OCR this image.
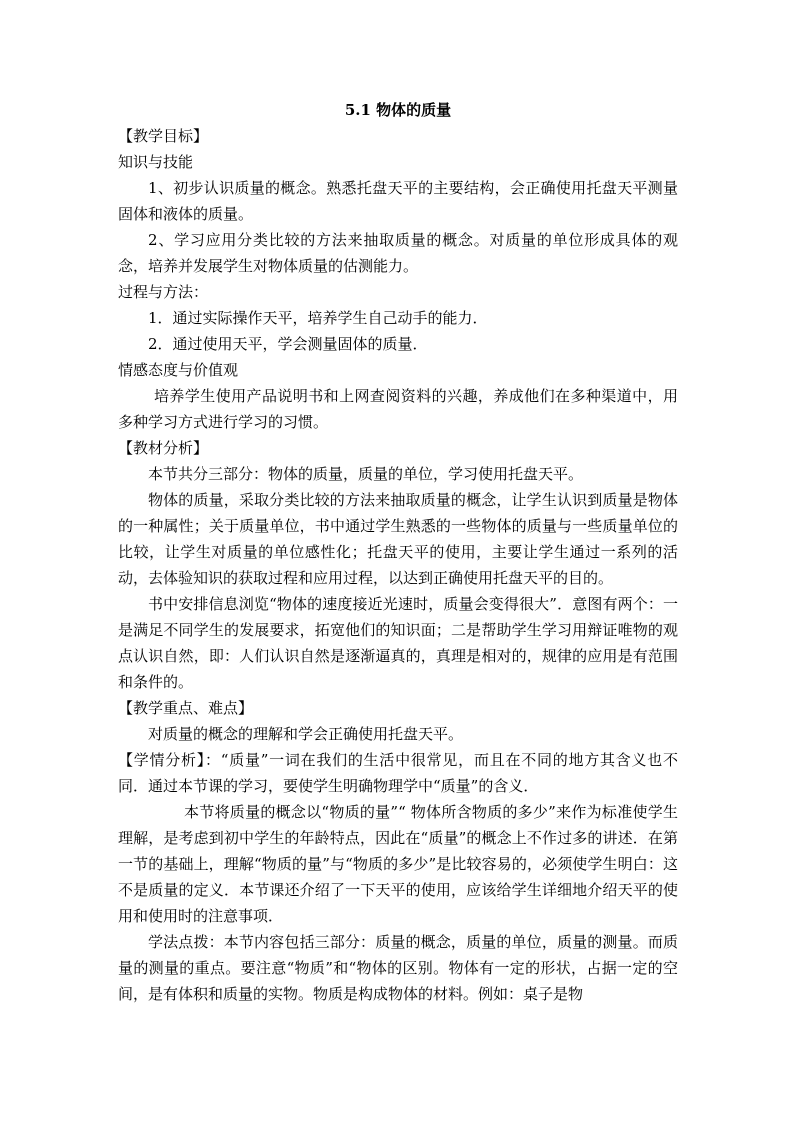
5.1 物体的质量

【教学目标】

知识与技能

1、初步认识质量的概念。熟悉托盘天平的主要结构，会正确使用托盘天平测量固体和液体的质量。

2、学习应用分类比较的方法来抽取质量的概念。对质量的单位形成具体的观念，培养并发展学生对物体质量的估测能力。

过程与方法：

1．通过实际操作天平，培养学生自己动手的能力．

2．通过使用天平，学会测量固体的质量．

情感态度与价值观

培养学生使用产品说明书和上网查阅资料的兴趣，养成他们在多种渠道中，用多种学习方式进行学习的习惯。

【教材分析】

本节共分三部分：物体的质量，质量的单位，学习使用托盘天平。

物体的质量，采取分类比较的方法来抽取质量的概念，让学生认识到质量是物体的一种属性；关于质量单位，书中通过学生熟悉的一些物体的质量与一些质量单位的比较，让学生对质量的单位感性化；托盘天平的使用，主要让学生通过一系列的活动，去体验知识的获取过程和应用过程，以达到正确使用托盘天平的目的。

书中安排信息浏览“物体的速度接近光速时，质量会变得很大”．意图有两个：一是满足不同学生的发展要求，拓宽他们的知识面；二是帮助学生学习用辩证唯物的观点认识自然，即：人们认识自然是逐渐逼真的，真理是相对的，规律的应用是有范围和条件的。

【教学重点、难点】

对质量的概念的理解和学会正确使用托盘天平。

【学情分析】：“质量”一词在我们的生活中很常见，而且在不同的地方其含义也不同．通过本节课的学习，要使学生明确物理学中“质量”的含义．

本节将质量的概念以“物质的量”“ 物体所含物质的多少”来作为标准使学生理解，是考虑到初中学生的年龄特点，因此在“质量”的概念上不作过多的讲述．在第一节的基础上，理解“物质的量”与“物质的多少”是比较容易的，必须使学生明白：这不是质量的定义．本节课还介绍了一下天平的使用，应该给学生详细地介绍天平的使用和使用时的注意事项．

学法点拨：本节内容包括三部分：质量的概念，质量的单位，质量的测量。而质量的测量的重点。要注意“物质”和“物体的区别。物体有一定的形状，占据一定的空间，是有体积和质量的实物。物质是构成物体的材料。例如：桌子是物
